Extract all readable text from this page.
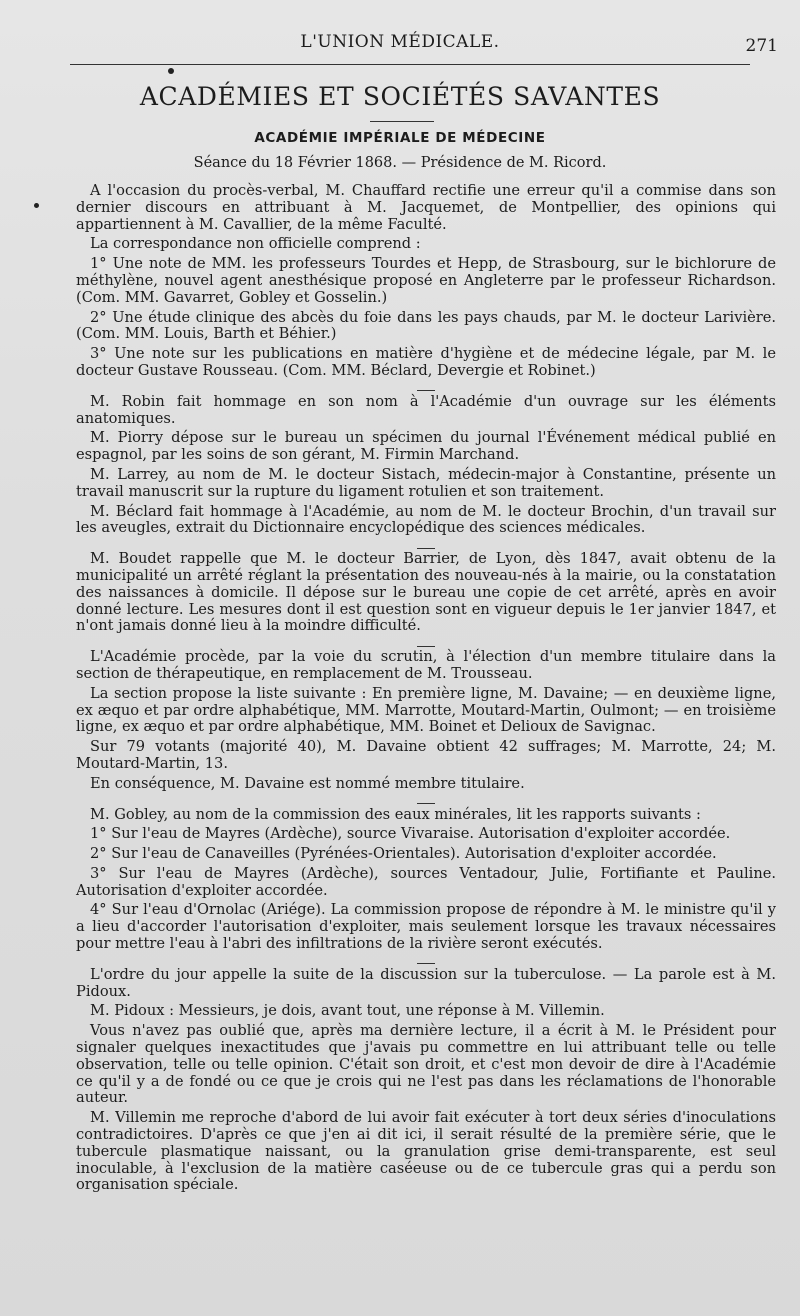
L'UNION MÉDICALE.	271
ACADÉMIES ET SOCIÉTÉS SAVANTES
ACADÉMIE IMPÉRIALE DE MÉDECINE
Séance du 18 Février 1868. — Présidence de M. Ricord.

A l'occasion du procès-verbal, M. Chauffard rectifie une erreur qu'il a commise dans son dernier discours en attribuant à M. Jacquemet, de Montpellier, des opinions qui appartiennent à M. Cavallier, de la même Faculté.

La correspondance non officielle comprend :

1° Une note de MM. les professeurs Tourdes et Hepp, de Strasbourg, sur le bichlorure de méthylène, nouvel agent anesthésique proposé en Angleterre par le professeur Richardson. (Com. MM. Gavarret, Gobley et Gosselin.)

2° Une étude clinique des abcès du foie dans les pays chauds, par M. le docteur Larivière. (Com. MM. Louis, Barth et Béhier.)

3° Une note sur les publications en matière d'hygiène et de médecine légale, par M. le docteur Gustave Rousseau. (Com. MM. Béclard, Devergie et Robinet.)

M. Robin fait hommage en son nom à l'Académie d'un ouvrage sur les éléments anatomiques.

M. Piorry dépose sur le bureau un spécimen du journal l'Événement médical publié en espagnol, par les soins de son gérant, M. Firmin Marchand.

M. Larrey, au nom de M. le docteur Sistach, médecin-major à Constantine, présente un travail manuscrit sur la rupture du ligament rotulien et son traitement.

M. Béclard fait hommage à l'Académie, au nom de M. le docteur Brochin, d'un travail sur les aveugles, extrait du Dictionnaire encyclopédique des sciences médicales.

M. Boudet rappelle que M. le docteur Barrier, de Lyon, dès 1847, avait obtenu de la municipalité un arrêté réglant la présentation des nouveau-nés à la mairie, ou la constatation des naissances à domicile. Il dépose sur le bureau une copie de cet arrêté, après en avoir donné lecture. Les mesures dont il est question sont en vigueur depuis le 1er janvier 1847, et n'ont jamais donné lieu à la moindre difficulté.

L'Académie procède, par la voie du scrutin, à l'élection d'un membre titulaire dans la section de thérapeutique, en remplacement de M. Trousseau.

La section propose la liste suivante : En première ligne, M. Davaine; — en deuxième ligne, ex æquo et par ordre alphabétique, MM. Marrotte, Moutard-Martin, Oulmont; — en troisième ligne, ex æquo et par ordre alphabétique, MM. Boinet et Delioux de Savignac.

Sur 79 votants (majorité 40), M. Davaine obtient 42 suffrages; M. Marrotte, 24; M. Moutard-Martin, 13.

En conséquence, M. Davaine est nommé membre titulaire.

M. Gobley, au nom de la commission des eaux minérales, lit les rapports suivants :

1° Sur l'eau de Mayres (Ardèche), source Vivaraise. Autorisation d'exploiter accordée.

2° Sur l'eau de Canaveilles (Pyrénées-Orientales). Autorisation d'exploiter accordée.

3° Sur l'eau de Mayres (Ardèche), sources Ventadour, Julie, Fortifiante et Pauline. Autorisation d'exploiter accordée.

4° Sur l'eau d'Ornolac (Ariége). La commission propose de répondre à M. le ministre qu'il y a lieu d'accorder l'autorisation d'exploiter, mais seulement lorsque les travaux nécessaires pour mettre l'eau à l'abri des infiltrations de la rivière seront exécutés.

L'ordre du jour appelle la suite de la discussion sur la tuberculose. — La parole est à M. Pidoux.

M. Pidoux : Messieurs, je dois, avant tout, une réponse à M. Villemin.

Vous n'avez pas oublié que, après ma dernière lecture, il a écrit à M. le Président pour signaler quelques inexactitudes que j'avais pu commettre en lui attribuant telle ou telle observation, telle ou telle opinion. C'était son droit, et c'est mon devoir de dire à l'Académie ce qu'il y a de fondé ou ce que je crois qui ne l'est pas dans les réclamations de l'honorable auteur.

M. Villemin me reproche d'abord de lui avoir fait exécuter à tort deux séries d'inoculations contradictoires. D'après ce que j'en ai dit ici, il serait résulté de la première série, que le tubercule plasmatique naissant, ou la granulation grise demi-transparente, est seul inoculable, à l'exclusion de la matière caséeuse ou de ce tubercule gras qui a perdu son organisation spéciale.
